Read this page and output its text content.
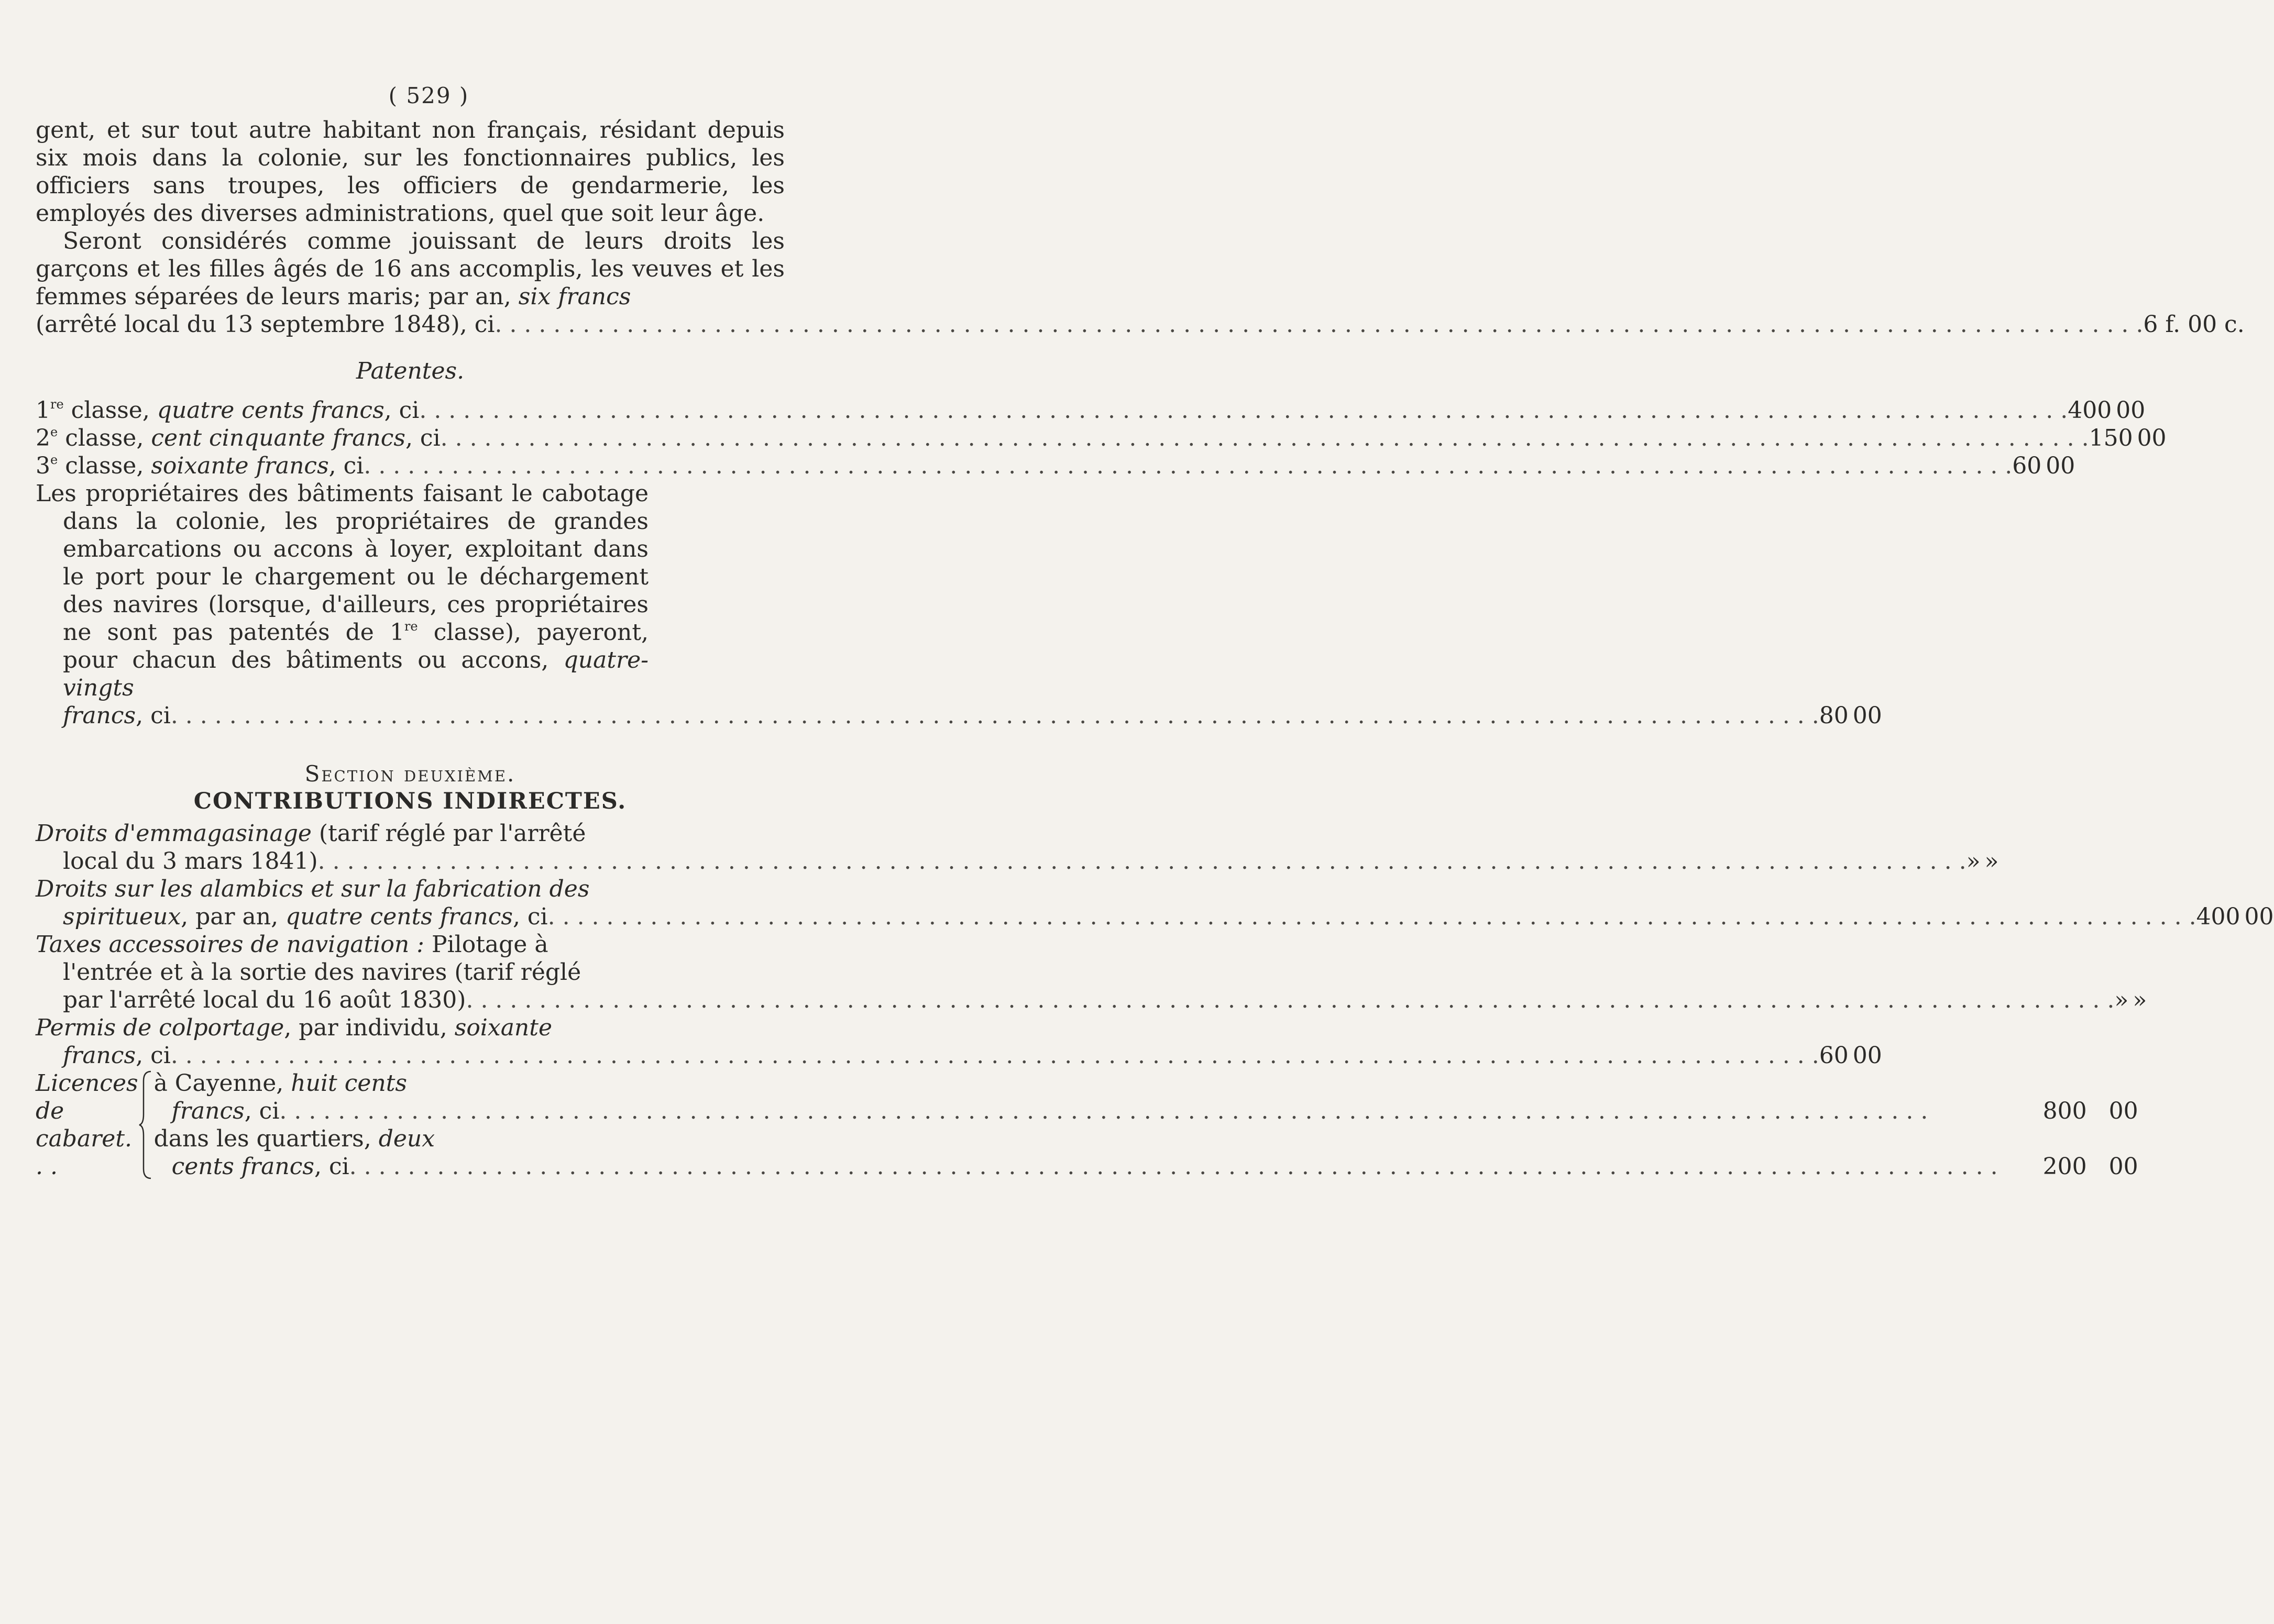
( 529 )

gent, et sur tout autre habitant non français, résidant depuis six mois dans la colonie, sur les fonctionnaires publics, les officiers sans troupes, les officiers de gendarmerie, les employés des diverses administrations, quel que soit leur âge.

Seront considérés comme jouissant de leurs droits les garçons et les filles âgés de 16 ans accomplis, les veuves et les femmes séparées de leurs maris; par an, six francs

(arrêté local du 13 septembre 1848), ci . . .	6 f. 00 c.
Patentes.
1re classe, quatre cents francs, ci . . .	400 00
2e classe, cent cinquante francs, ci . . .	150 00
3e classe, soixante francs, ci . . .	60 00

Les propriétaires des bâtiments faisant le cabotage dans la colonie, les propriétaires de grandes embarcations ou accons à loyer, exploitant dans le port pour le chargement ou le déchargement des navires (lorsque, d'ailleurs, ces propriétaires ne sont pas patentés de 1re classe), payeront, pour chacun des bâtiments ou accons, quatre-vingts

francs, ci . . .	80 00
Section deuxième.
CONTRIBUTIONS INDIRECTES.
Droits d'emmagasinage (tarif réglé par l'arrêté
local du 3 mars 1841) . . .	» »
Droits sur les alambics et sur la fabrication des
spiritueux, par an, quatre cents francs, ci . . .	400 00
Taxes accessoires de navigation : Pilotage à
l'entrée et à la sortie des navires (tarif réglé
par l'arrêté local du 16 août 1830) . . .	» »
Permis de colportage, par individu, soixante
francs, ci . . .	60 00
Licences de cabaret. . .
à Cayenne, huit cents
francs, ci . . .	800 00
dans les quartiers, deux
cents francs, ci . . .	200 00
